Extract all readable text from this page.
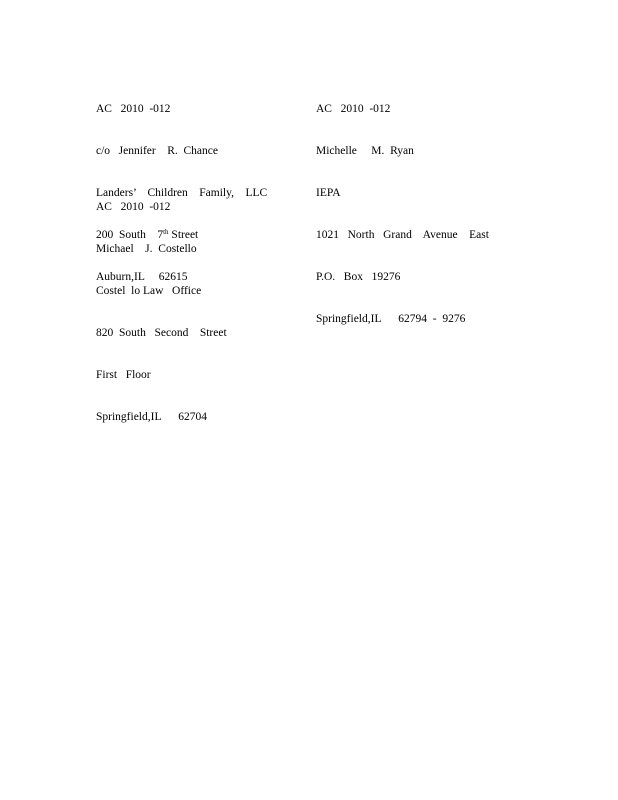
AC   2010  -012

c/o   Jennifer    R.  Chance

Landers’    Children    Family,    LLC

200  South    7th Street

Auburn,IL     62615

AC   2010  -012

Michelle     M.  Ryan

IEPA

1021   North   Grand    Avenue    East

P.O.   Box   19276

Springfield,IL      62794  -  9276

AC   2010  -012

Michael    J.  Costello

Costel  lo Law   Office

820  South   Second    Street

First   Floor

Springfield,IL      62704
